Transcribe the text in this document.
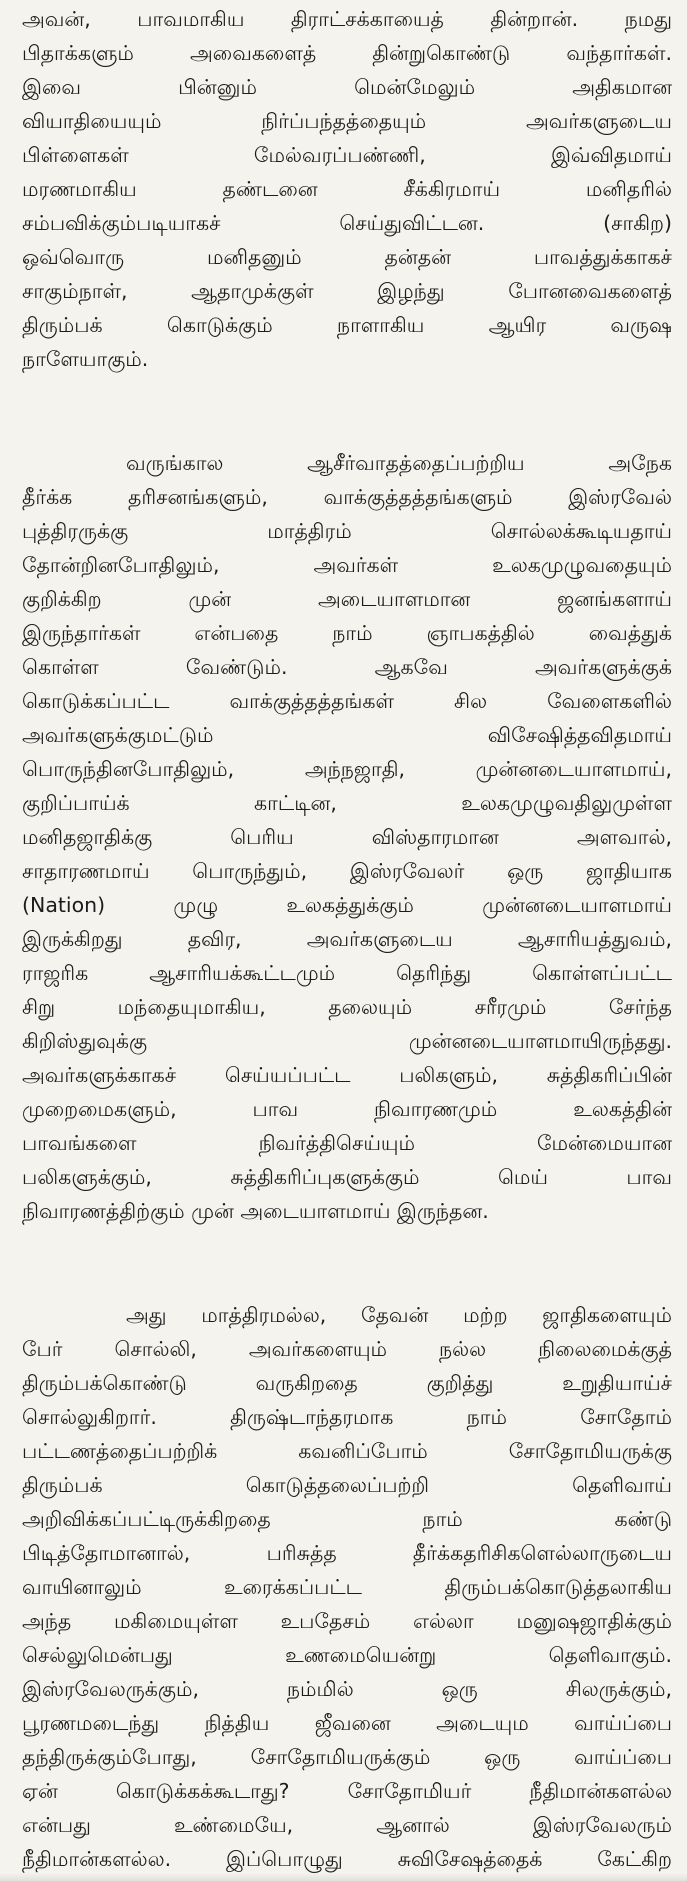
அவன், பாவமாகிய திராட்சக்காயைத் தின்றான். நமது
பிதாக்களும் அவைகளைத் தின்றுகொண்டு வந்தார்கள்.
இவை பின்னும் மென்மேலும் அதிகமான
வியாதியையும் நிர்ப்பந்தத்தையும் அவர்களுடைய
பிள்ளைகள் மேல்வரப்பண்ணி, இவ்விதமாய்
மரணமாகிய தண்டனை சீக்கிரமாய் மனிதரில்
சம்பவிக்கும்படியாகச் செய்துவிட்டன. (சாகிற)
ஒவ்வொரு மனிதனும் தன்தன் பாவத்துக்காகச்
சாகும்நாள், ஆதாமுக்குள் இழந்து போனவைகளைத்
திரும்பக் கொடுக்கும் நாளாகிய ஆயிர வருஷ
நாளேயாகும்.
வருங்கால ஆசீர்வாதத்தைப்பற்றிய அநேக
தீர்க்க தரிசனங்களும், வாக்குத்தத்தங்களும் இஸ்ரவேல்
புத்திரருக்கு மாத்திரம் சொல்லக்கூடியதாய்
தோன்றினபோதிலும், அவர்கள் உலகமுழுவதையும்
குறிக்கிற முன் அடையாளமான ஜனங்களாய்
இருந்தார்கள் என்பதை நாம் ஞாபகத்தில் வைத்துக்
கொள்ள வேண்டும். ஆகவே அவர்களுக்குக்
கொடுக்கப்பட்ட வாக்குத்தத்தங்கள் சில வேளைகளில்
அவர்களுக்குமட்டும் விசேஷித்தவிதமாய்
பொருந்தினபோதிலும், அந்நஜாதி, முன்னடையாளமாய்,
குறிப்பாய்க் காட்டின, உலகமுழுவதிலுமுள்ள
மனிதஜாதிக்கு பெரிய விஸ்தாரமான அளவால்,
சாதாரணமாய் பொருந்தும், இஸ்ரவேலர் ஒரு ஜாதியாக
(Nation) முழு உலகத்துக்கும் முன்னடையாளமாய்
இருக்கிறது தவிர, அவர்களுடைய ஆசாரியத்துவம்,
ராஜரிக ஆசாரியக்கூட்டமும் தெரிந்து கொள்ளப்பட்ட
சிறு மந்தையுமாகிய, தலையும் சரீரமும் சேர்ந்த
கிறிஸ்துவுக்கு முன்னடையாளமாயிருந்தது.
அவர்களுக்காகச் செய்யப்பட்ட பலிகளும், சுத்திகரிப்பின்
முறைமைகளும், பாவ நிவாரணமும் உலகத்தின்
பாவங்களை நிவர்த்திசெய்யும் மேன்மையான
பலிகளுக்கும், சுத்திகரிப்புகளுக்கும் மெய் பாவ
நிவாரணத்திற்கும் முன் அடையாளமாய் இருந்தன.
அது மாத்திரமல்ல, தேவன் மற்ற ஜாதிகளையும்
பேர் சொல்லி, அவர்களையும் நல்ல நிலைமைக்குத்
திரும்பக்கொண்டு வருகிறதை குறித்து உறுதியாய்ச்
சொல்லுகிறார். திருஷ்டாந்தரமாக நாம் சோதோம்
பட்டணத்தைப்பற்றிக் கவனிப்போம் சோதோமியருக்கு
திரும்பக் கொடுத்தலைப்பற்றி தெளிவாய்
அறிவிக்கப்பட்டிருக்கிறதை நாம் கண்டு
பிடித்தோமானால், பரிசுத்த தீர்க்கதரிசிகளெல்லாருடைய
வாயினாலும் உரைக்கப்பட்ட திரும்பக்கொடுத்தலாகிய
அந்த மகிமையுள்ள உபதேசம் எல்லா மனுஷஜாதிக்கும்
செல்லுமென்பது உணமையென்று தெளிவாகும்.
இஸ்ரவேலருக்கும், நம்மில் ஒரு சிலருக்கும்,
பூரணமடைந்து நித்திய ஜீவனை அடையும வாய்ப்பை
தந்திருக்கும்போது, சோதோமியருக்கும் ஒரு வாய்ப்பை
ஏன் கொடுக்கக்கூடாது? சோதோமியர் நீதிமான்களல்ல
என்பது உண்மையே, ஆனால் இஸ்ரவேலரும்
நீதிமான்களல்ல. இப்பொழுது சுவிசேஷத்தைக் கேட்கிற
